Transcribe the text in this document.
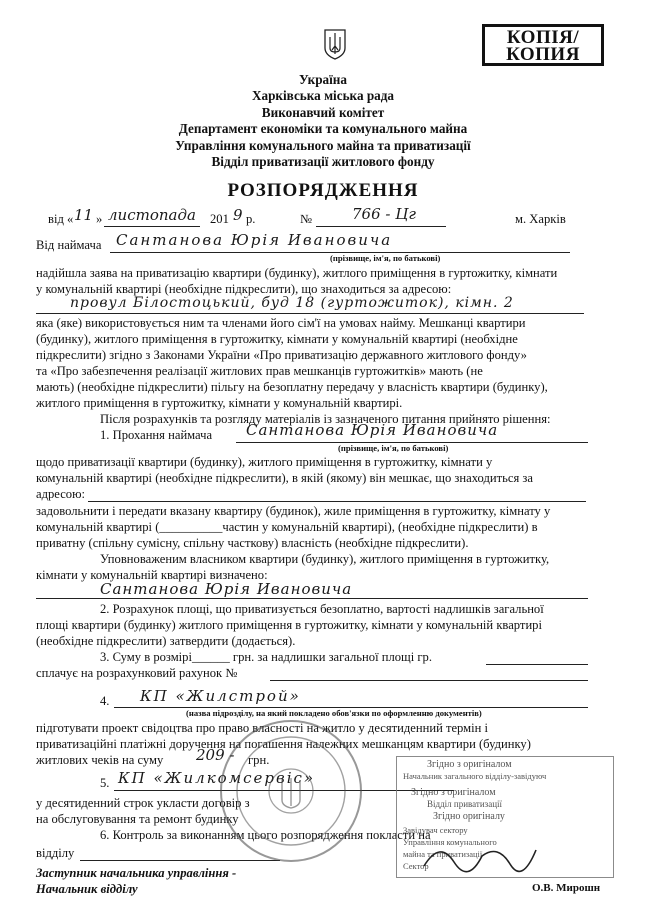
КОПІЯ/
КОПИЯ
Україна
Харківська міська рада
Виконавчий комітет
Департамент економіки та комунального майна
Управління комунального майна та приватизації
Відділ приватизації житлового фонду
РОЗПОРЯДЖЕННЯ
від « 11 » листопада 201 9 р.	№	766 - Цг	м. Харків
Від наймача Сантанова Юрія Ивановича
(прізвище, ім'я, по батькові)
надійшла заява на приватизацію квартири (будинку), житлого приміщення в гуртожитку, кімнати
у комунальній квартирі (необхідне підкреслити), що знаходиться за адресою:
провул Білостоцький, буд 18 (гуртожиток), кімн. 2
яка (яке) використовується ним та членами його сім'ї на умовах найму. Мешканці квартири
(будинку), житлого приміщення в гуртожитку, кімнати у комунальній квартирі (необхідне
підкреслити) згідно з Законами України «Про приватизацію державного житлового фонду»
та «Про забезпечення реалізації житлових прав мешканців гуртожитків» мають (не
мають) (необхідне підкреслити) пільгу на безоплатну передачу у власність квартири (будинку),
житлого приміщення в гуртожитку, кімнати у комунальній квартирі.
Після розрахунків та розгляду матеріалів із зазначеного питання прийнято рішення:
1. Прохання наймача Сантанова Юрія Ивановича
(прізвище, ім'я, по батькові)
щодо приватизації квартири (будинку), житлого приміщення в гуртожитку, кімнати у
комунальній квартирі (необхідне підкреслити), в якій (якому) він мешкає, що знаходиться за
адресою:
задовольнити і передати вказану квартиру (будинок), жиле приміщення в гуртожитку, кімнату у
комунальній квартирі (__________частин у комунальній квартирі), (необхідне підкреслити) в
приватну (спільну сумісну, спільну часткову) власність (необхідне підкреслити).
Уповноваженим власником квартири (будинку), житлого приміщення в гуртожитку,
кімнати у комунальній квартирі визначено:
Сантанова Юрія Ивановича
2. Розрахунок площі, що приватизується безоплатно, вартості надлишків загальної
площі квартири (будинку) житлого приміщення в гуртожитку, кімнати у комунальній квартирі
(необхідне підкреслити) затвердити (додається).
3. Суму в розмірі______ грн. за надлишки загальної площі гр.
сплачує на розрахунковий рахунок №
4. КП «Жилстрой»
(назва підрозділу, на який покладено обов'язки по оформленню документів)
підготувати проект свідоцтва про право власності на житло у десятиденний термін і
приватизаційні платіжні доручення на погашення належних мешканцям квартири (будинку)
житлових чеків на суму 209 - грн.
5. КП «Жилкомсервіс»
у десятиденний строк укласти договір з
на обслуговування та ремонт будинку
6. Контроль за виконанням цього розпорядження покласти на
відділу
Заступник начальника управління -
Начальник відділу	О.В. Мирошн
Згідно з оригіналом
Начальник загального відділу-завідуюч
Згідно з оригіналом
Відділ приватизації
Згідно оригіналу
Завідувач сектору
Управління комунального
майна та приватизації
Сектор
